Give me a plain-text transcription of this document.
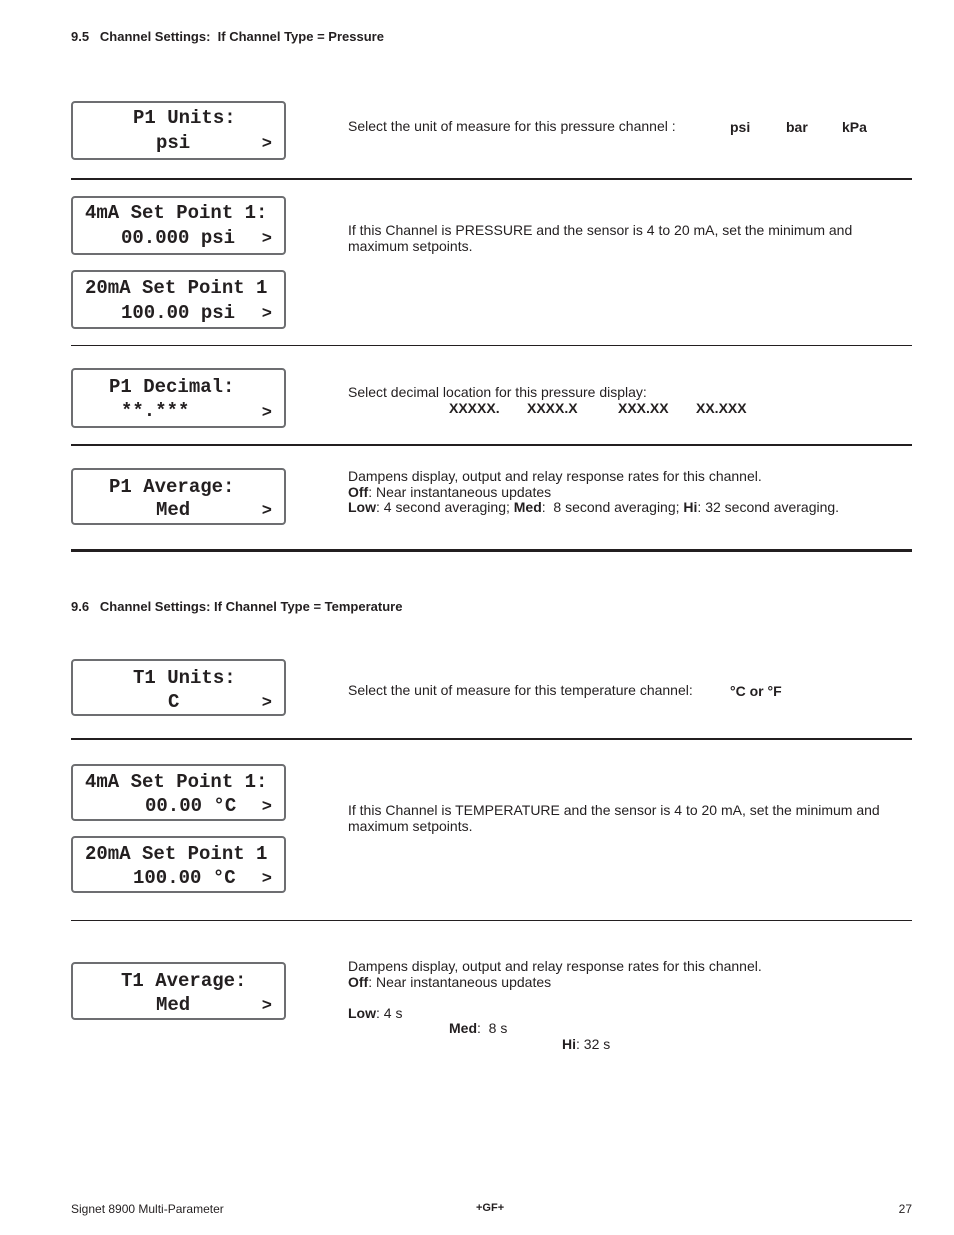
9.5   Channel Settings:  If Channel Type = Pressure
P1 Units:
psi	>
Select the unit of measure for this pressure channel :	psi	bar kPa
4mA Set Point 1:
00.000 psi >
20mA Set Point 1
100.00 psi >
If this Channel is PRESSURE and the sensor is 4 to 20 mA, set the minimum and maximum setpoints.
P1 Decimal:
**.***	>
Select decimal location for this pressure display:
XXXXX. XXXX.X	XXX.XX XX.XXX
P1 Average:
Med	>
Dampens display, output and relay response rates for this channel.
Off: Near instantaneous updates
Low: 4 second averaging; Med:  8 second averaging; Hi: 32 second averaging.
9.6   Channel Settings: If Channel Type = Temperature
T1 Units:
C	>
Select the unit of measure for this temperature channel:	°C or °F
4mA Set Point 1:
00.00 °C >
20mA Set Point 1
100.00 °C >
If this Channel is TEMPERATURE and the sensor is 4 to 20 mA, set the minimum and maximum setpoints.
T1 Average:
Med	>
Dampens display, output and relay response rates for this channel.
Off: Near instantaneous updates

Low: 4 s

Med:  8 s

Hi: 32 s

Signet 8900 Multi-Parameter	+GF+	27
